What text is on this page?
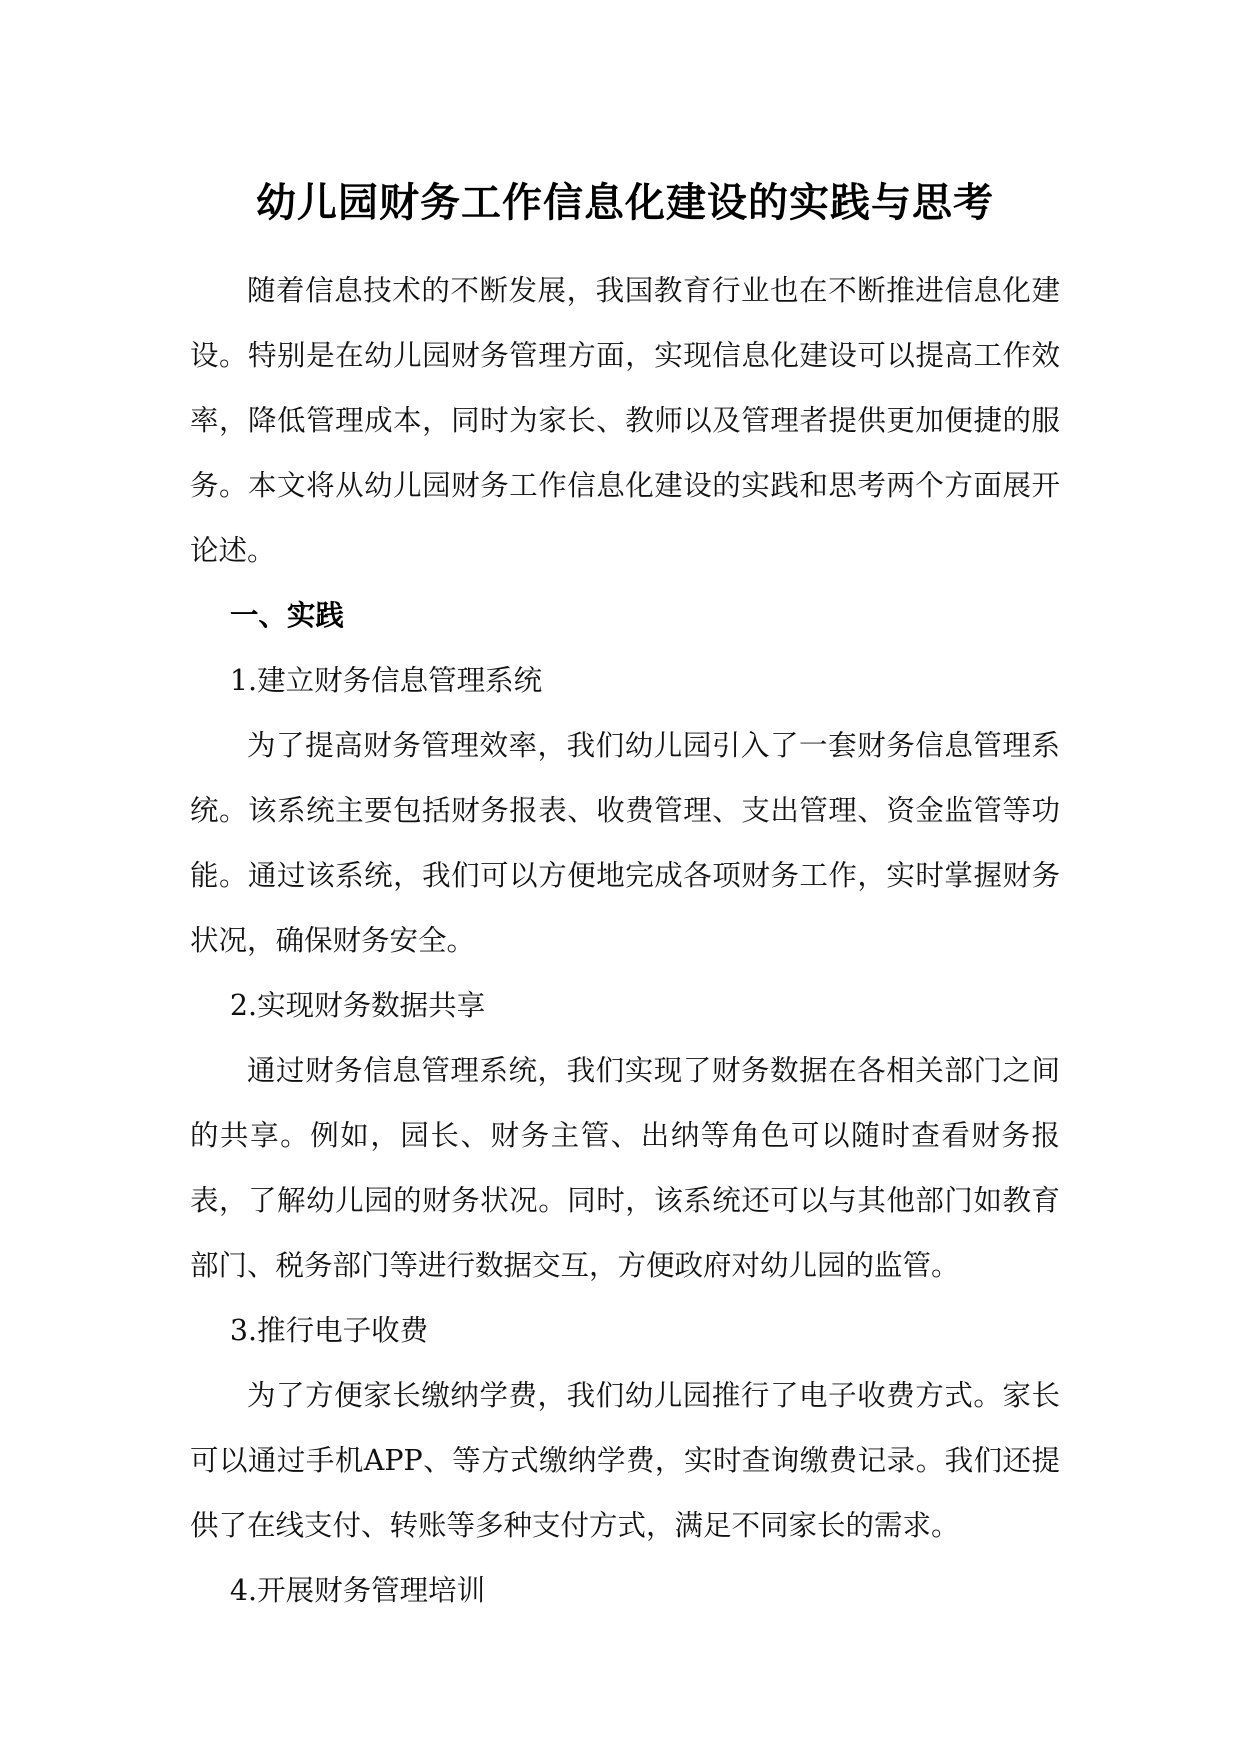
幼儿园财务工作信息化建设的实践与思考

随着信息技术的不断发展，我国教育行业也在不断推进信息化建设。特别是在幼儿园财务管理方面，实现信息化建设可以提高工作效率，降低管理成本，同时为家长、教师以及管理者提供更加便捷的服务。本文将从幼儿园财务工作信息化建设的实践和思考两个方面展开论述。

一、实践

1.建立财务信息管理系统

为了提高财务管理效率，我们幼儿园引入了一套财务信息管理系统。该系统主要包括财务报表、收费管理、支出管理、资金监管等功能。通过该系统，我们可以方便地完成各项财务工作，实时掌握财务状况，确保财务安全。

2.实现财务数据共享

通过财务信息管理系统，我们实现了财务数据在各相关部门之间的共享。例如，园长、财务主管、出纳等角色可以随时查看财务报表，了解幼儿园的财务状况。同时，该系统还可以与其他部门如教育部门、税务部门等进行数据交互，方便政府对幼儿园的监管。

3.推行电子收费

为了方便家长缴纳学费，我们幼儿园推行了电子收费方式。家长可以通过手机APP、等方式缴纳学费，实时查询缴费记录。我们还提供了在线支付、转账等多种支付方式，满足不同家长的需求。

4.开展财务管理培训
